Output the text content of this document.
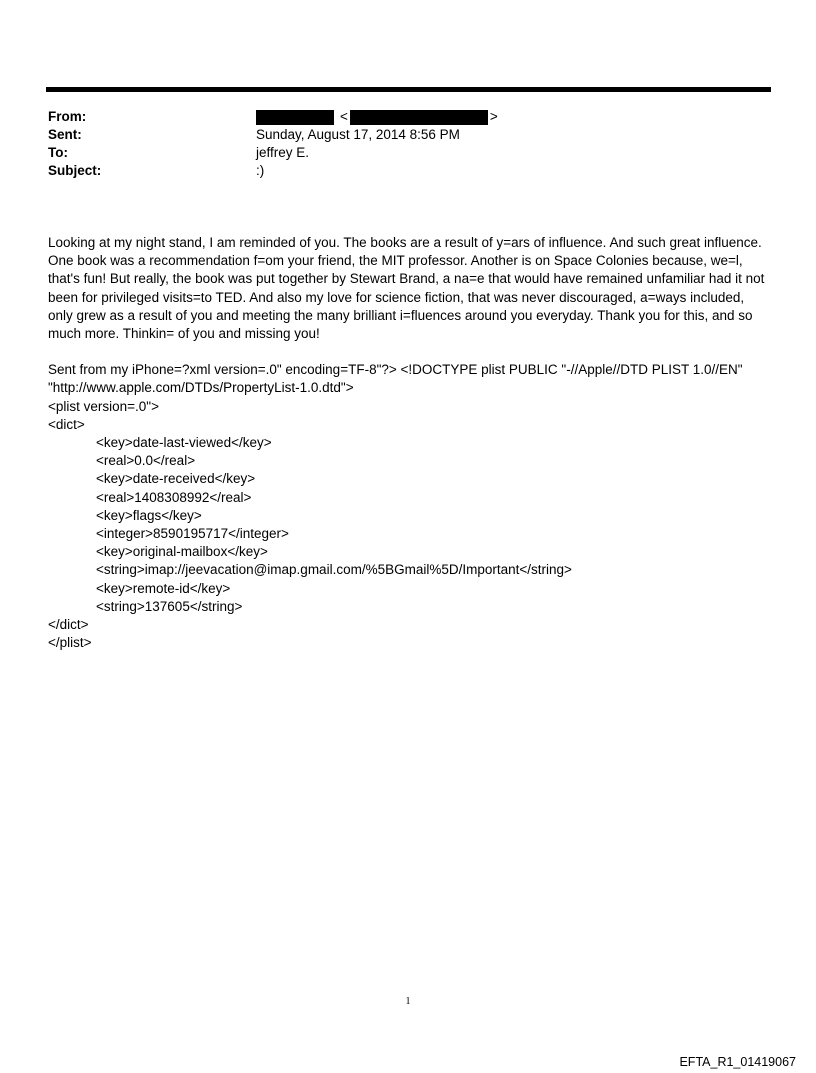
From:	<	>
Sent:	Sunday, August 17, 2014 8:56 PM
To:	jeffrey E.
Subject:	:)

Looking at my night stand, I am reminded of you. The books are a result of y=ars of influence. And such great influence. One book was a recommendation f=om your friend, the MIT professor. Another is on Space Colonies because, we=l, that's fun! But really, the book was put together by Stewart Brand, a na=e that would have remained unfamiliar had it not been for privileged visits=to TED. And also my love for science fiction, that was never discouraged, a=ways included, only grew as a result of you and meeting the many brilliant i=fluences around you everyday. Thank you for this, and so much more. Thinkin= of you and missing you!

Sent from my iPhone=?xml version=.0" encoding=TF-8"?> <!DOCTYPE plist PUBLIC "-//Apple//DTD PLIST 1.0//EN"

"http://www.apple.com/DTDs/PropertyList-1.0.dtd">

<plist version=.0">

<dict>

<key>date-last-viewed</key>

<real>0.0</real>

<key>date-received</key>

<real>1408308992</real>

<key>flags</key>

<integer>8590195717</integer>

<key>original-mailbox</key>

<string>imap://jeevacation@imap.gmail.com/%5BGmail%5D/Important</string>

<key>remote-id</key>

<string>137605</string>

</dict>

</plist>

1
EFTA_R1_01419067
